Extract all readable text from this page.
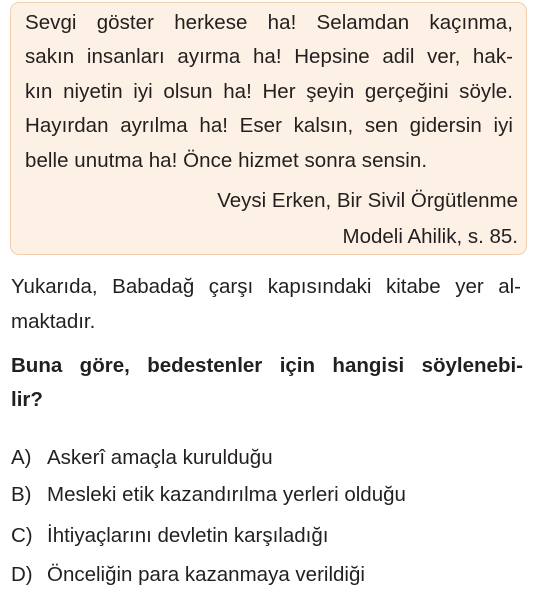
Sevgi göster herkese ha! Selamdan kaçınma,
sakın insanları ayırma ha! Hepsine adil ver, hak-
kın niyetin iyi olsun ha! Her şeyin gerçeğini söyle.
Hayırdan ayrılma ha! Eser kalsın, sen gidersin iyi
belle unutma ha! Önce hizmet sonra sensin.
Veysi Erken, Bir Sivil Örgütlenme
Modeli Ahilik, s. 85.
Yukarıda, Babadağ çarşı kapısındaki kitabe yer al-
maktadır.
Buna göre, bedestenler için hangisi söylenebi-
lir?
A) Askerî amaçla kurulduğu
B) Mesleki etik kazandırılma yerleri olduğu
C) İhtiyaçlarını devletin karşıladığı
D) Önceliğin para kazanmaya verildiği
